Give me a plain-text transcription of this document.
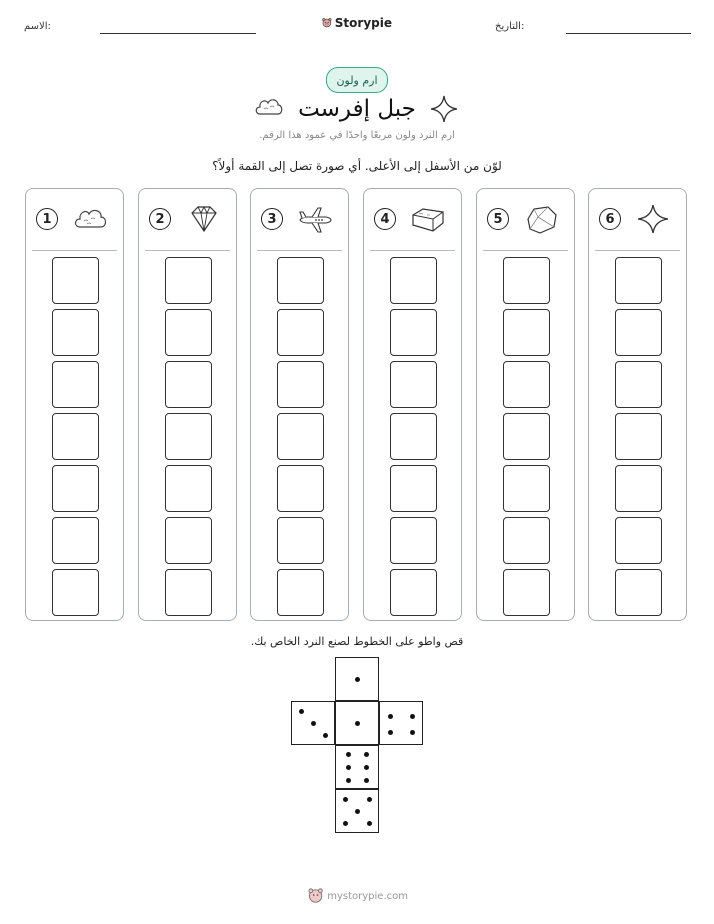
الاسم:	Storypie	التاريخ:
ارم ولون
جبل إفرست
ارم النرد ولون مربعًا واحدًا في عمود هذا الرقم.
لوّن من الأسفل إلى الأعلى. أي صورة تصل إلى القمة أولاً؟
1	2	3	4	5	6
قص واطو على الخطوط لصنع النرد الخاص بك.
mystorypie.com
